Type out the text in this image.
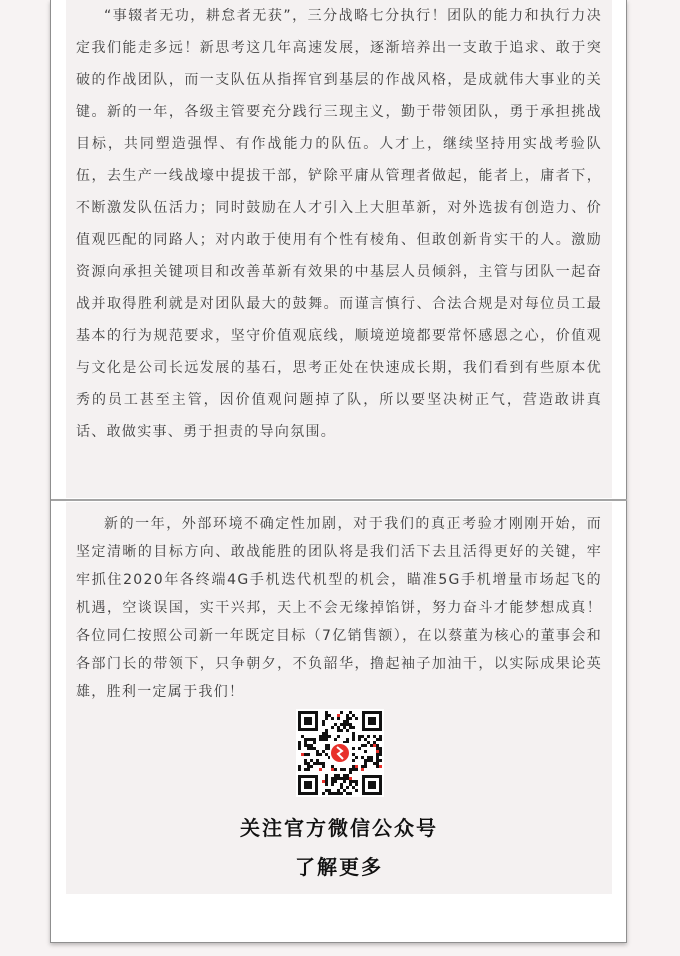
“事辍者无功，耕怠者无获”，三分战略七分执行！团队的能力和执行力决定我们能走多远！新思考这几年高速发展，逐渐培养出一支敢于追求、敢于突破的作战团队，而一支队伍从指挥官到基层的作战风格，是成就伟大事业的关键。新的一年，各级主管要充分践行三现主义，勤于带领团队，勇于承担挑战目标，共同塑造强悍、有作战能力的队伍。人才上，继续坚持用实战考验队伍，去生产一线战壕中提拔干部，铲除平庸从管理者做起，能者上，庸者下，不断激发队伍活力；同时鼓励在人才引入上大胆革新，对外选拔有创造力、价值观匹配的同路人；对内敢于使用有个性有棱角、但敢创新肯实干的人。激励资源向承担关键项目和改善革新有效果的中基层人员倾斜，主管与团队一起奋战并取得胜利就是对团队最大的鼓舞。而谨言慎行、合法合规是对每位员工最基本的行为规范要求，坚守价值观底线，顺境逆境都要常怀感恩之心，价值观与文化是公司长远发展的基石，思考正处在快速成长期，我们看到有些原本优秀的员工甚至主管，因价值观问题掉了队，所以要坚决树正气，营造敢讲真话、敢做实事、勇于担责的导向氛围。

新的一年，外部环境不确定性加剧，对于我们的真正考验才刚刚开始，而坚定清晰的目标方向、敢战能胜的团队将是我们活下去且活得更好的关键，牢牢抓住2020年各终端4G手机迭代机型的机会，瞄准5G手机增量市场起飞的机遇，空谈误国，实干兴邦，天上不会无缘掉馅饼，努力奋斗才能梦想成真！各位同仁按照公司新一年既定目标（7亿销售额），在以蔡董为核心的董事会和各部门长的带领下，只争朝夕，不负韶华，撸起袖子加油干，以实际成果论英雄，胜利一定属于我们！

关注官方微信公众号
了解更多
